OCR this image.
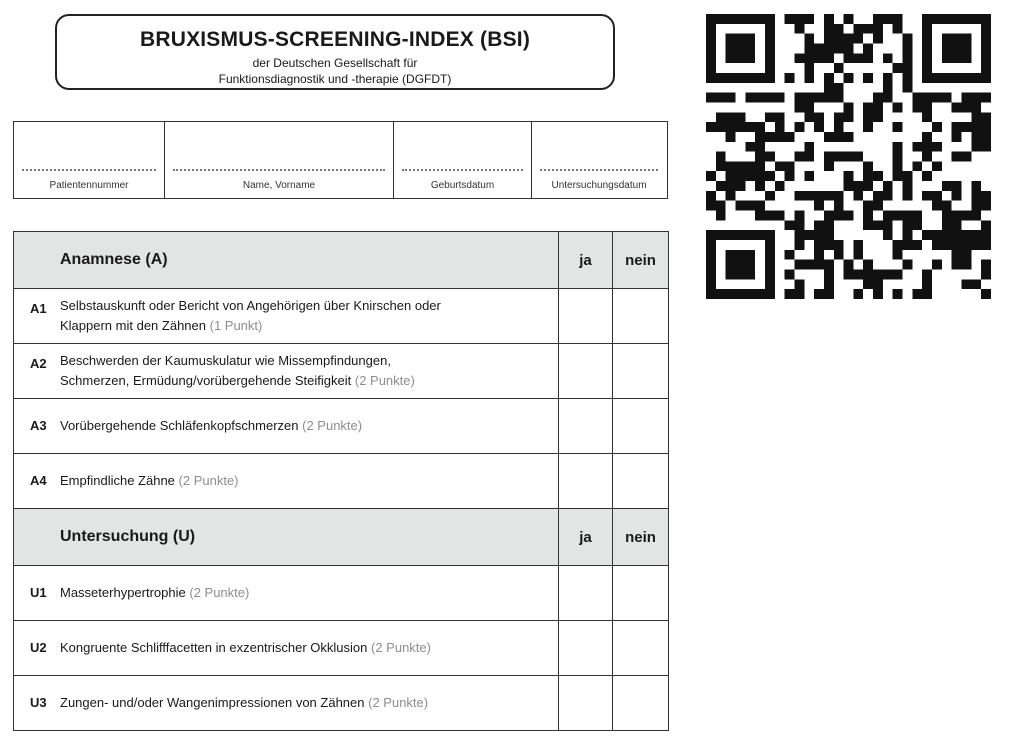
BRUXISMUS-SCREENING-INDEX (BSI)
der Deutschen Gesellschaft für
Funktionsdiagnostik und -therapie (DGFDT)
Patientennummer	Name, Vorname	Geburtsdatum	Untersuchungsdatum
Anamnese (A)	ja	nein

A1 Selbstauskunft oder Bericht von Angehörigen über Knirschen oder
Klappern mit den Zähnen (1 Punkt)		

A2 Beschwerden der Kaumuskulatur wie Missempfindungen,
Schmerzen, Ermüdung/vorübergehende Steifigkeit (2 Punkte)		

A3 Vorübergehende Schläfenkopfschmerzen (2 Punkte)		

A4 Empfindliche Zähne (2 Punkte)		
Untersuchung (U)	ja	nein

U1 Masseterhypertrophie (2 Punkte)		

U2 Kongruente Schlifffacetten in exzentrischer Okklusion (2 Punkte)		

U3 Zungen- und/oder Wangenimpressionen von Zähnen (2 Punkte)		
